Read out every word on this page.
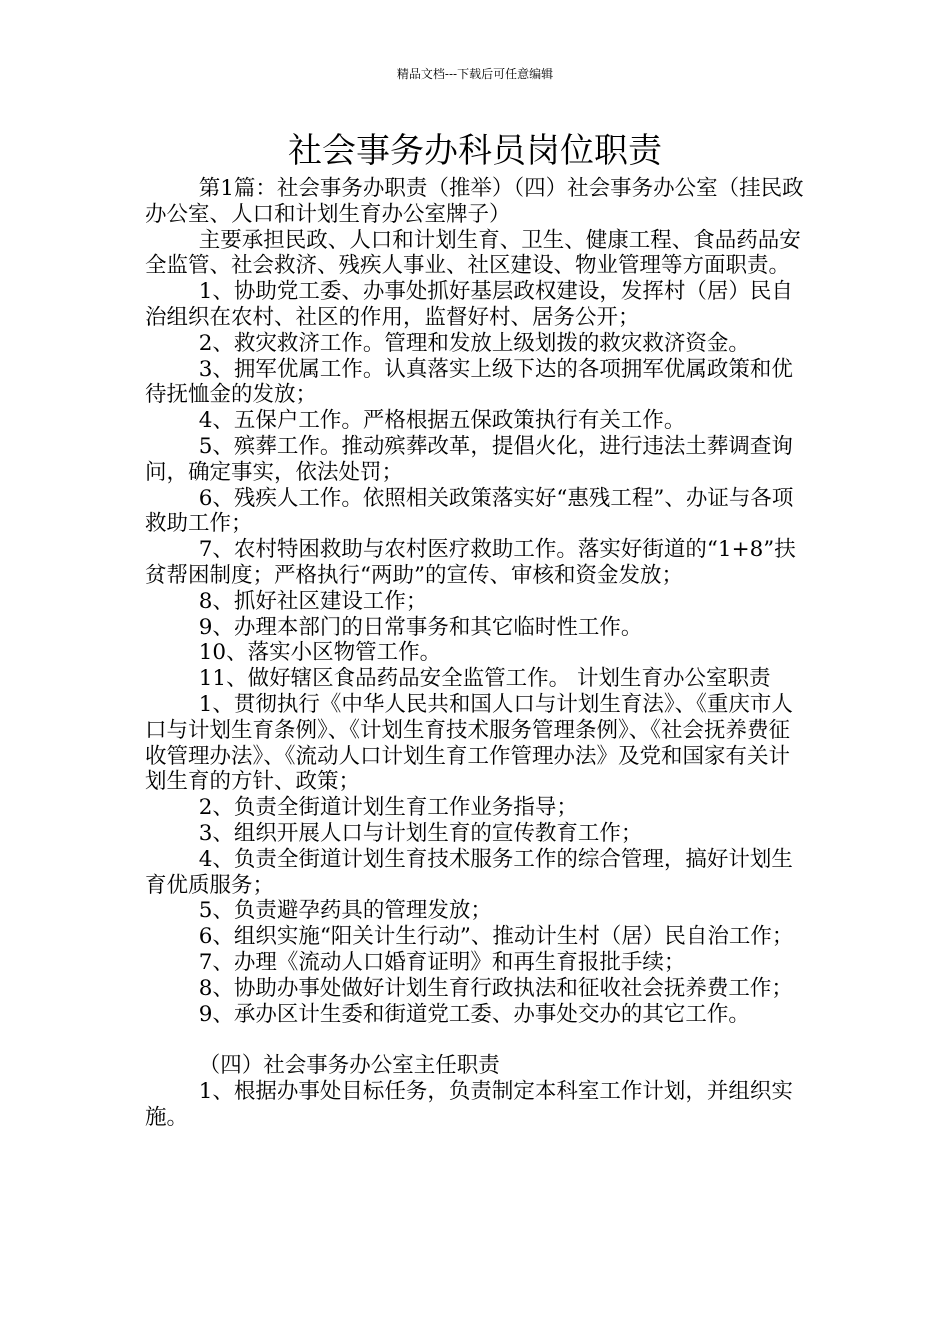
精品文档---下载后可任意编辑
社会事务办科员岗位职责

第1篇：社会事务办职责（推举）（四）社会事务办公室（挂民政办公室、人口和计划生育办公室牌子）

主要承担民政、人口和计划生育、卫生、健康工程、食品药品安全监管、社会救济、残疾人事业、社区建设、物业管理等方面职责。

1、协助党工委、办事处抓好基层政权建设，发挥村（居）民自治组织在农村、社区的作用，监督好村、居务公开；

2、救灾救济工作。管理和发放上级划拨的救灾救济资金。

3、拥军优属工作。认真落实上级下达的各项拥军优属政策和优待抚恤金的发放；

4、五保户工作。严格根据五保政策执行有关工作。

5、殡葬工作。推动殡葬改革，提倡火化，进行违法土葬调查询问，确定事实，依法处罚；

6、残疾人工作。依照相关政策落实好“惠残工程”、办证与各项救助工作；

7、农村特困救助与农村医疗救助工作。落实好街道的“1+8”扶贫帮困制度；严格执行“两助”的宣传、审核和资金发放；

8、抓好社区建设工作；

9、办理本部门的日常事务和其它临时性工作。

10、落实小区物管工作。

11、做好辖区食品药品安全监管工作。 计划生育办公室职责

1、贯彻执行《中华人民共和国人口与计划生育法》、《重庆市人口与计划生育条例》、《计划生育技术服务管理条例》、《社会抚养费征收管理办法》、《流动人口计划生育工作管理办法》及党和国家有关计划生育的方针、政策；

2、负责全街道计划生育工作业务指导；

3、组织开展人口与计划生育的宣传教育工作；

4、负责全街道计划生育技术服务工作的综合管理，搞好计划生育优质服务；

5、负责避孕药具的管理发放；

6、组织实施“阳关计生行动”、推动计生村（居）民自治工作；

7、办理《流动人口婚育证明》和再生育报批手续；

8、协助办事处做好计划生育行政执法和征收社会抚养费工作；

9、承办区计生委和街道党工委、办事处交办的其它工作。

（四）社会事务办公室主任职责

1、根据办事处目标任务，负责制定本科室工作计划，并组织实施。
